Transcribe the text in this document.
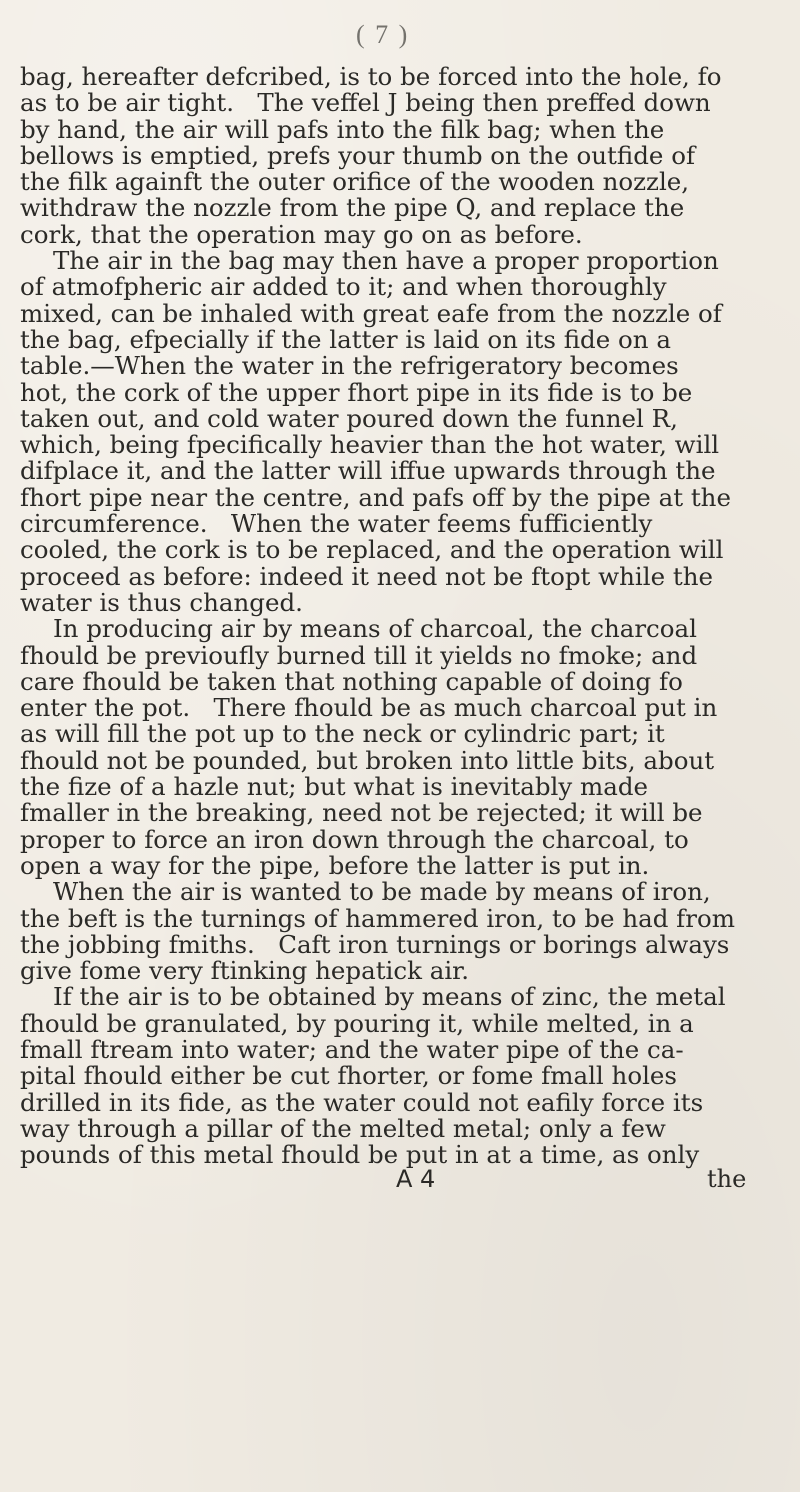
( 7 )
bag, hereafter defcribed, is to be forced into the hole, fo
as to be air tight.   The veffel J being then preffed down
by hand, the air will pafs into the filk bag; when the
bellows is emptied, prefs your thumb on the outfide of
the filk againft the outer orifice of the wooden nozzle,
withdraw the nozzle from the pipe Q, and replace the
cork, that the operation may go on as before.
The air in the bag may then have a proper proportion
of atmofpheric air added to it; and when thoroughly
mixed, can be inhaled with great eafe from the nozzle of
the bag, efpecially if the latter is laid on its fide on a
table.—When the water in the refrigeratory becomes
hot, the cork of the upper fhort pipe in its fide is to be
taken out, and cold water poured down the funnel R,
which, being fpecifically heavier than the hot water, will
difplace it, and the latter will iffue upwards through the
fhort pipe near the centre, and pafs off by the pipe at the
circumference.   When the water feems fufficiently
cooled, the cork is to be replaced, and the operation will
proceed as before: indeed it need not be ftopt while the
water is thus changed.
In producing air by means of charcoal, the charcoal
fhould be previoufly burned till it yields no fmoke; and
care fhould be taken that nothing capable of doing fo
enter the pot.   There fhould be as much charcoal put in
as will fill the pot up to the neck or cylindric part; it
fhould not be pounded, but broken into little bits, about
the fize of a hazle nut; but what is inevitably made
fmaller in the breaking, need not be rejected; it will be
proper to force an iron down through the charcoal, to
open a way for the pipe, before the latter is put in.
When the air is wanted to be made by means of iron,
the beft is the turnings of hammered iron, to be had from
the jobbing fmiths.   Caft iron turnings or borings always
give fome very ftinking hepatick air.
If the air is to be obtained by means of zinc, the metal
fhould be granulated, by pouring it, while melted, in a
fmall ftream into water; and the water pipe of the ca-
pital fhould either be cut fhorter, or fome fmall holes
drilled in its fide, as the water could not eafily force its
way through a pillar of the melted metal; only a few
pounds of this metal fhould be put in at a time, as only
A 4	the
